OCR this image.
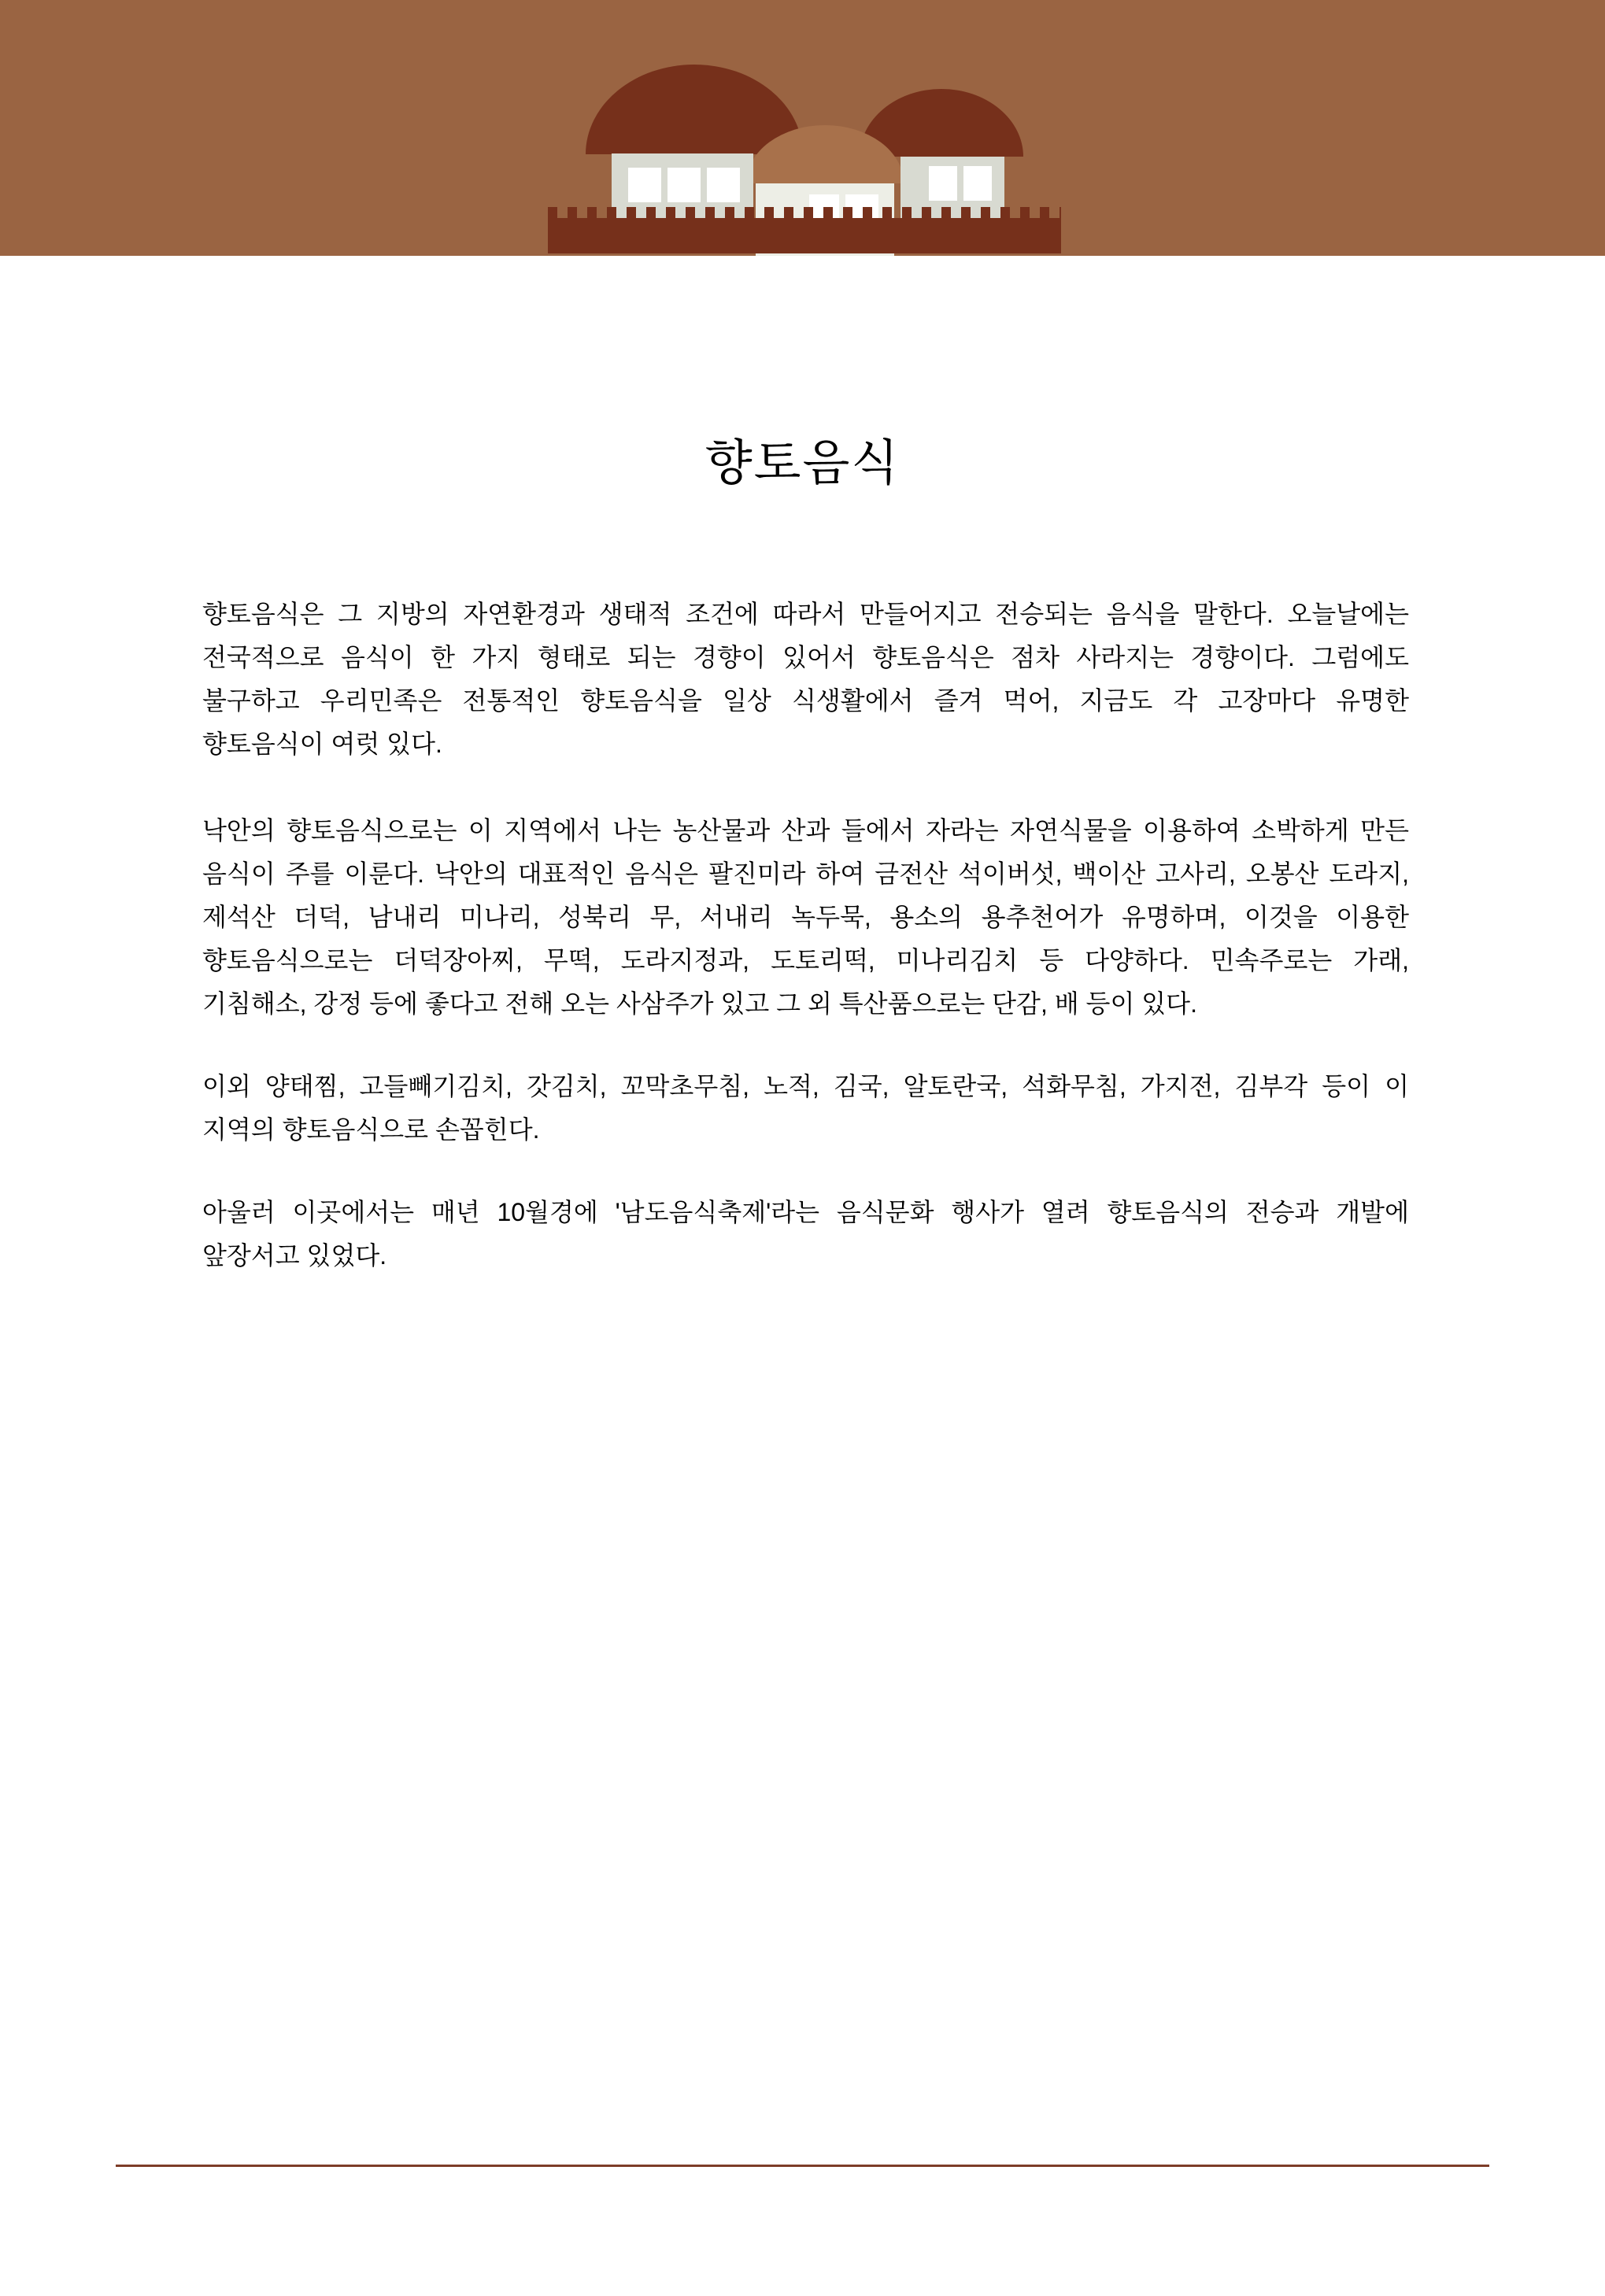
향토음식
향토음식은 그 지방의 자연환경과 생태적 조건에 따라서 만들어지고 전승되는 음식을 말한다. 오늘날에는
전국적으로 음식이 한 가지 형태로 되는 경향이 있어서 향토음식은 점차 사라지는 경향이다. 그럼에도
불구하고 우리민족은 전통적인 향토음식을 일상 식생활에서 즐겨 먹어, 지금도 각 고장마다 유명한
향토음식이 여럿 있다.
낙안의 향토음식으로는 이 지역에서 나는 농산물과 산과 들에서 자라는 자연식물을 이용하여 소박하게 만든
음식이 주를 이룬다. 낙안의 대표적인 음식은 팔진미라 하여 금전산 석이버섯, 백이산 고사리, 오봉산 도라지,
제석산 더덕, 남내리 미나리, 성북리 무, 서내리 녹두묵, 용소의 용추천어가 유명하며, 이것을 이용한
향토음식으로는 더덕장아찌, 무떡, 도라지정과, 도토리떡, 미나리김치 등 다양하다. 민속주로는 가래,
기침해소, 강정 등에 좋다고 전해 오는 사삼주가 있고 그 외 특산품으로는 단감, 배 등이 있다.
이외 양태찜, 고들빼기김치, 갓김치, 꼬막초무침, 노적, 김국, 알토란국, 석화무침, 가지전, 김부각 등이 이
지역의 향토음식으로 손꼽힌다.
아울러 이곳에서는 매년 10월경에 '남도음식축제'라는 음식문화 행사가 열려 향토음식의 전승과 개발에
앞장서고 있었다.
